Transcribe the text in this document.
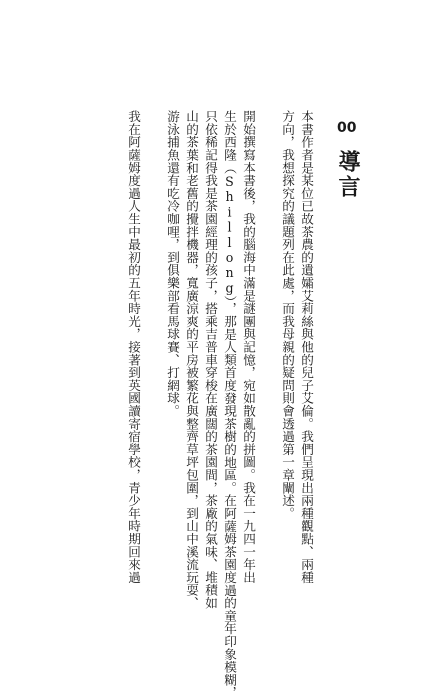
00
導言
本書作者是某位已故茶農的遺孀艾莉絲與他的兒子艾倫。我們呈現出兩種觀點、兩種
方向，我想探究的議題列在此處，而我母親的疑問則會透過第一章闡述。
開始撰寫本書後，我的腦海中滿是謎團與記憶，宛如散亂的拼圖。我在一九四一年出
生於西隆（Shillong），那是人類首度發現茶樹的地區。在阿薩姆茶園度過的童年印象模糊，
只依稀記得我是茶園經理的孩子，搭乘吉普車穿梭在廣闊的茶園間，茶廠的氣味、堆積如
山的茶葉和老舊的攪拌機器，寬廣涼爽的平房被繁花與整齊草坪包圍，到山中溪流玩耍、
游泳捕魚還有吃冷咖哩，到俱樂部看馬球賽、打網球。
我在阿薩姆度過人生中最初的五年時光，接著到英國讀寄宿學校，青少年時期回來過
